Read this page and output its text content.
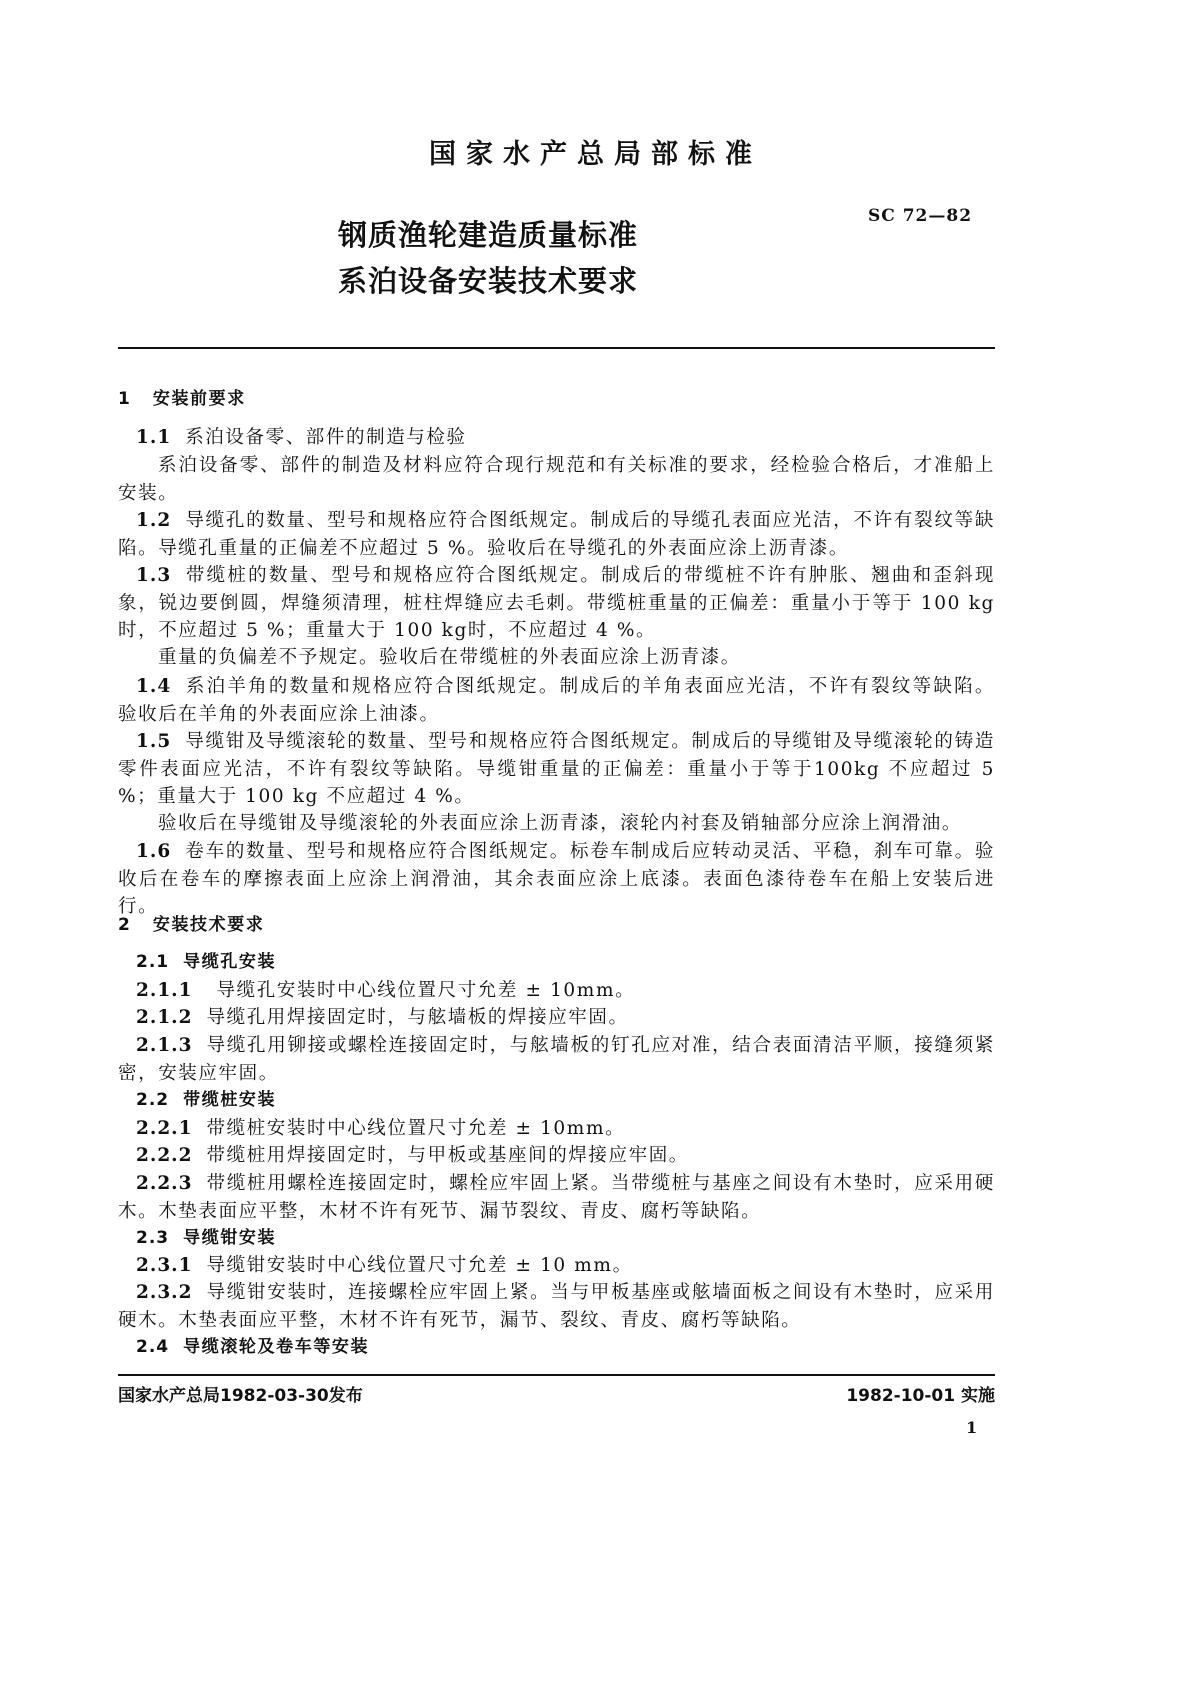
国家水产总局部标准
SC 72—82
钢质渔轮建造质量标准
系泊设备安装技术要求
1 安装前要求
1.1 系泊设备零、部件的制造与检验
系泊设备零、部件的制造及材料应符合现行规范和有关标准的要求，经检验合格后，才准船上安装。
1.2 导缆孔的数量、型号和规格应符合图纸规定。制成后的导缆孔表面应光洁，不许有裂纹等缺陷。导缆孔重量的正偏差不应超过 5 %。验收后在导缆孔的外表面应涂上沥青漆。
1.3 带缆桩的数量、型号和规格应符合图纸规定。制成后的带缆桩不许有肿胀、翘曲和歪斜现象，锐边要倒圆，焊缝须清理，桩柱焊缝应去毛刺。带缆桩重量的正偏差：重量小于等于 100 kg时，不应超过 5 %；重量大于 100 kg时，不应超过 4 %。
重量的负偏差不予规定。验收后在带缆桩的外表面应涂上沥青漆。
1.4 系泊羊角的数量和规格应符合图纸规定。制成后的羊角表面应光洁，不许有裂纹等缺陷。 验收后在羊角的外表面应涂上油漆。
1.5 导缆钳及导缆滚轮的数量、型号和规格应符合图纸规定。制成后的导缆钳及导缆滚轮的铸造零件表面应光洁，不许有裂纹等缺陷。导缆钳重量的正偏差：重量小于等于100kg 不应超过 5 %；重量大于 100 kg 不应超过 4 %。
验收后在导缆钳及导缆滚轮的外表面应涂上沥青漆，滚轮内衬套及销轴部分应涂上润滑油。
1.6 卷车的数量、型号和规格应符合图纸规定。标卷车制成后应转动灵活、平稳，刹车可靠。验收后在卷车的摩擦表面上应涂上润滑油，其余表面应涂上底漆。表面色漆待卷车在船上安装后进行。
2 安装技术要求
2.1 导缆孔安装
2.1.1 导缆孔安装时中心线位置尺寸允差 ± 10mm。
2.1.2 导缆孔用焊接固定时，与舷墙板的焊接应牢固。
2.1.3 导缆孔用铆接或螺栓连接固定时，与舷墙板的钉孔应对准，结合表面清洁平顺，接缝须紧密，安装应牢固。
2.2 带缆桩安装
2.2.1 带缆桩安装时中心线位置尺寸允差 ± 10mm。
2.2.2 带缆桩用焊接固定时，与甲板或基座间的焊接应牢固。
2.2.3 带缆桩用螺栓连接固定时，螺栓应牢固上紧。当带缆桩与基座之间设有木垫时，应采用硬木。木垫表面应平整，木材不许有死节、漏节裂纹、青皮、腐朽等缺陷。
2.3 导缆钳安装
2.3.1 导缆钳安装时中心线位置尺寸允差 ± 10 mm。
2.3.2 导缆钳安装时，连接螺栓应牢固上紧。当与甲板基座或舷墙面板之间设有木垫时，应采用硬木。木垫表面应平整，木材不许有死节，漏节、裂纹、青皮、腐朽等缺陷。
2.4 导缆滚轮及卷车等安装
国家水产总局1982-03-30发布	1982-10-01 实施
1
